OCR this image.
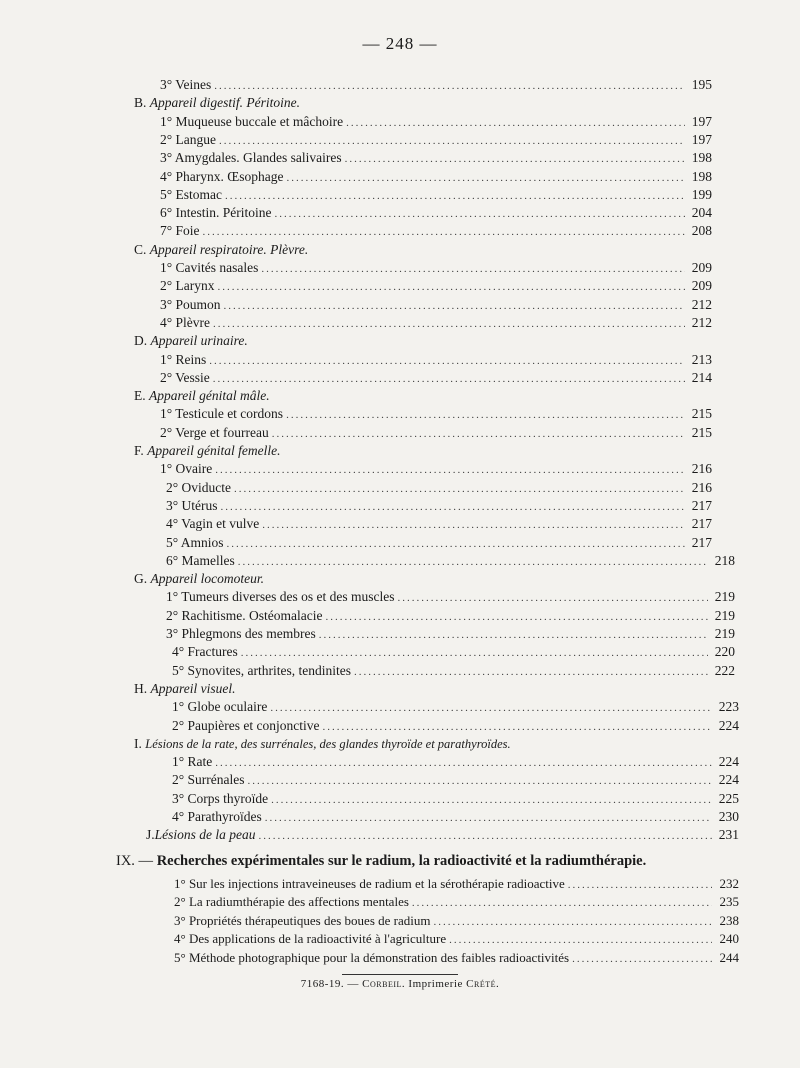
— 248 —
3° Veines .....	195
B. Appareil digestif. Péritoine.
1° Muqueuse buccale et mâchoire .....	197
2° Langue .....	197
3° Amygdales. Glandes salivaires .....	198
4° Pharynx. Œsophage .....	198
5° Estomac .....	199
6° Intestin. Péritoine .....	204
7° Foie .....	208
C. Appareil respiratoire. Plèvre.
1° Cavités nasales .....	209
2° Larynx .....	209
3° Poumon .....	212
4° Plèvre .....	212
D. Appareil urinaire.
1° Reins .....	213
2° Vessie .....	214
E. Appareil génital mâle.
1° Testicule et cordons .....	215
2° Verge et fourreau .....	215
F. Appareil génital femelle.
1° Ovaire .....	216
2° Oviducte .....	216
3° Utérus .....	217
4° Vagin et vulve .....	217
5° Amnios .....	217
6° Mamelles .....	218
G. Appareil locomoteur.
1° Tumeurs diverses des os et des muscles .....	219
2° Rachitisme. Ostéomalacie .....	219
3° Phlegmons des membres .....	219
4° Fractures .....	220
5° Synovites, arthrites, tendinites .....	222
H. Appareil visuel.
1° Globe oculaire .....	223
2° Paupières et conjonctive .....	224
I. Lésions de la rate, des surrénales, des glandes thyroïde et parathyroïdes.
1° Rate .....	224
2° Surrénales .....	224
3° Corps thyroïde .....	225
4° Parathyroïdes .....	230
J. Lésions de la peau .....	231
IX. — Recherches expérimentales sur le radium, la radioactivité et la radiumthérapie.
1° Sur les injections intraveineuses de radium et la sérothérapie radioactive .....	232
2° La radiumthérapie des affections mentales .....	235
3° Propriétés thérapeutiques des boues de radium .....	238
4° Des applications de la radioactivité à l'agriculture .....	240
5° Méthode photographique pour la démonstration des faibles radioactivités .....	244
7168-19. — Corbeil. Imprimerie Crété.
